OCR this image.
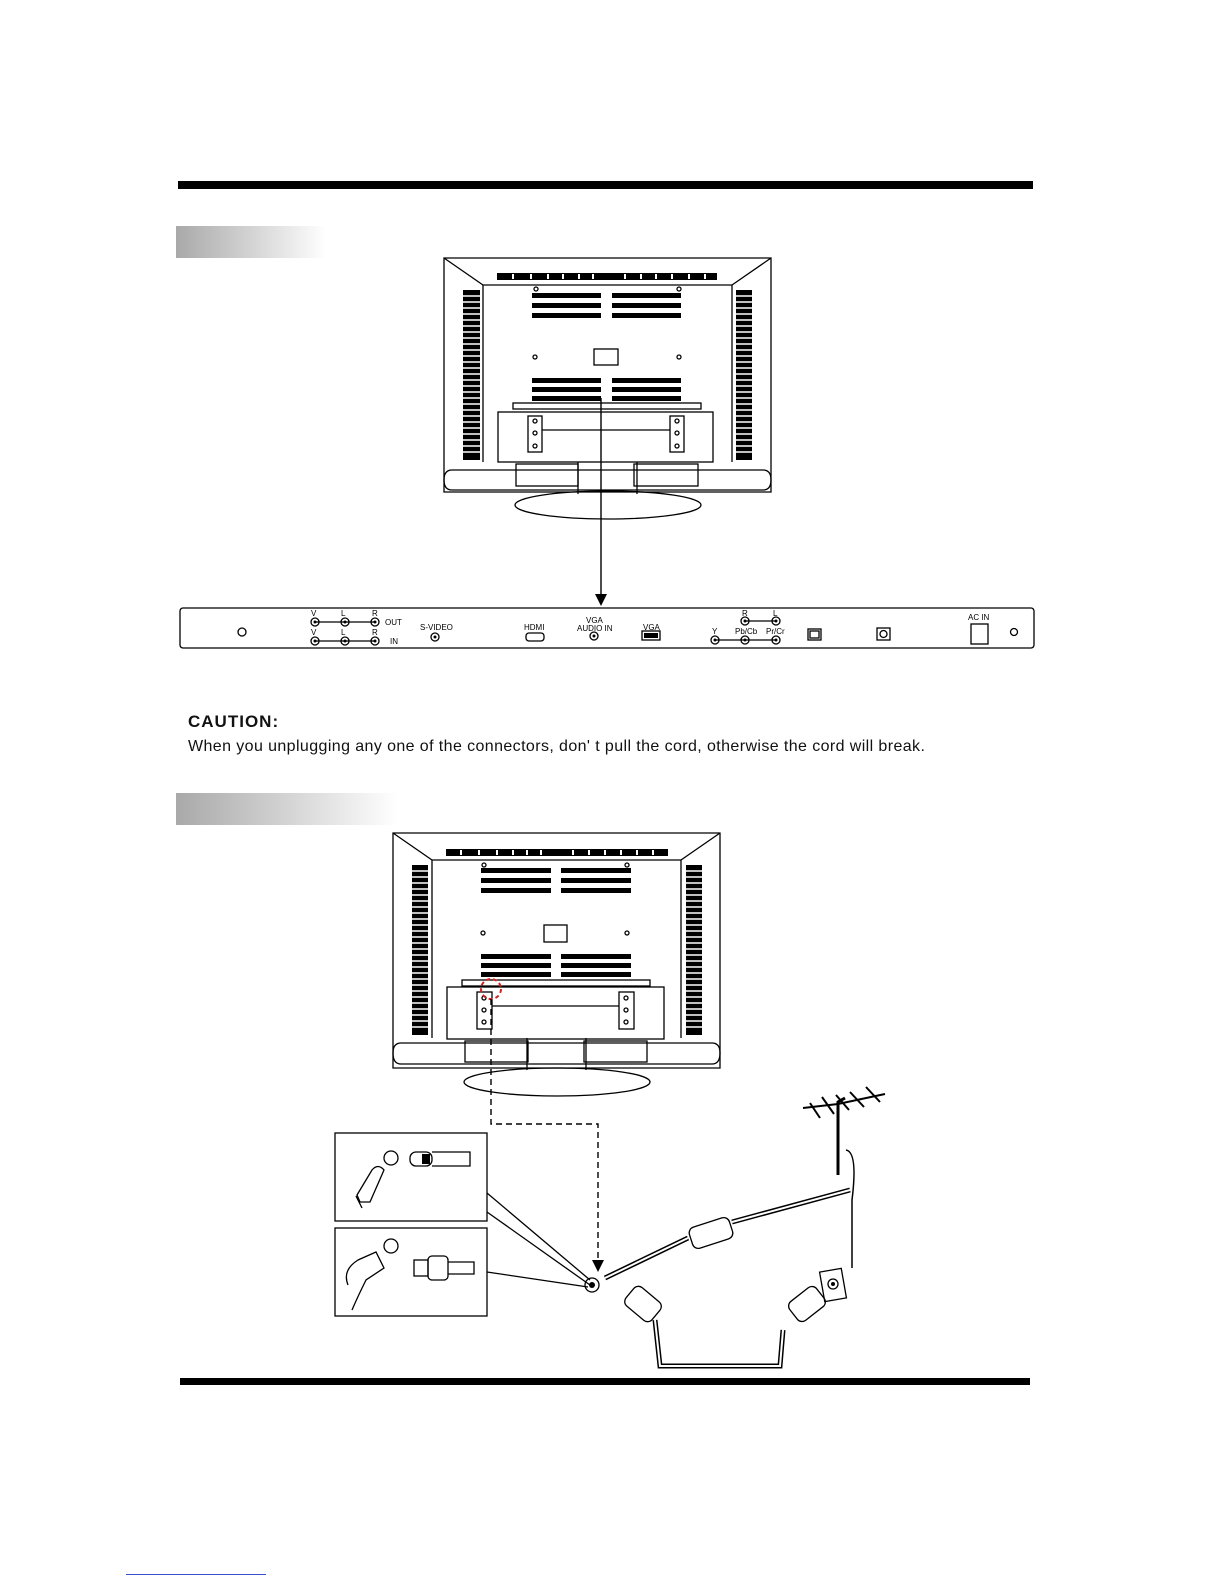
V	L	R
OUT
V	L	R
IN
S-VIDEO	HDMI
VGA
AUDIO IN	VGA
R	L
Y Pb/Cb Pr/Cr
AC IN
CAUTION:
When you unplugging any one of the connectors, don' t pull the cord, otherwise the cord will break.
